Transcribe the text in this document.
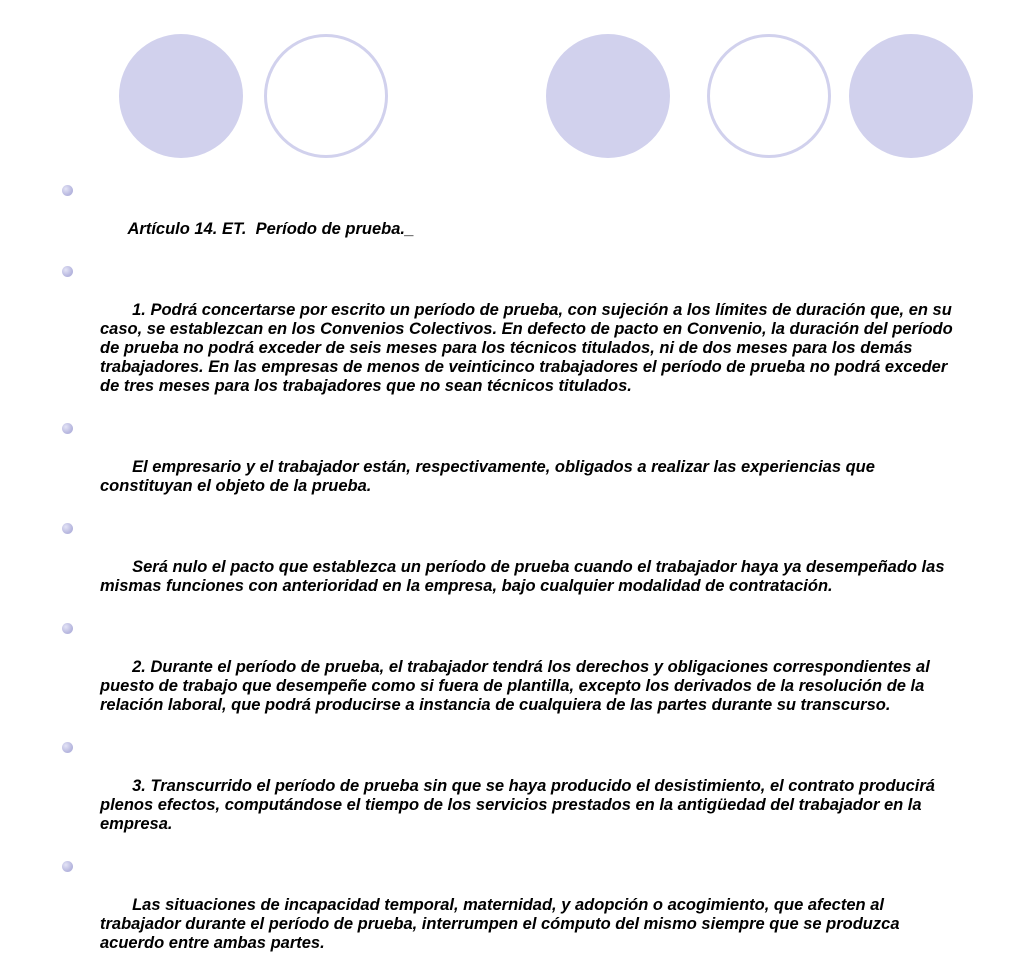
Artículo 14. ET.  Período de prueba._

1. Podrá concertarse por escrito un período de prueba, con sujeción a los límites de duración que, en su caso, se establezcan en los Convenios Colectivos. En defecto de pacto en Convenio, la duración del período de prueba no podrá exceder de seis meses para los técnicos titulados, ni de dos meses para los demás trabajadores. En las empresas de menos de veinticinco trabajadores el período de prueba no podrá exceder de tres meses para los trabajadores que no sean técnicos titulados.

El empresario y el trabajador están, respectivamente, obligados a realizar las experiencias que constituyan el objeto de la prueba.

Será nulo el pacto que establezca un período de prueba cuando el trabajador haya ya desempeñado las mismas funciones con anterioridad en la empresa, bajo cualquier modalidad de contratación.

2. Durante el período de prueba, el trabajador tendrá los derechos y obligaciones correspondientes al puesto de trabajo que desempeñe como si fuera de plantilla, excepto los derivados de la resolución de la relación laboral, que podrá producirse a instancia de cualquiera de las partes durante su transcurso.

3. Transcurrido el período de prueba sin que se haya producido el desistimiento, el contrato producirá plenos efectos, computándose el tiempo de los servicios prestados en la antigüedad del trabajador en la empresa.

Las situaciones de incapacidad temporal, maternidad, y adopción o acogimiento, que afecten al trabajador durante el período de prueba, interrumpen el cómputo del mismo siempre que se produzca acuerdo entre ambas partes.
